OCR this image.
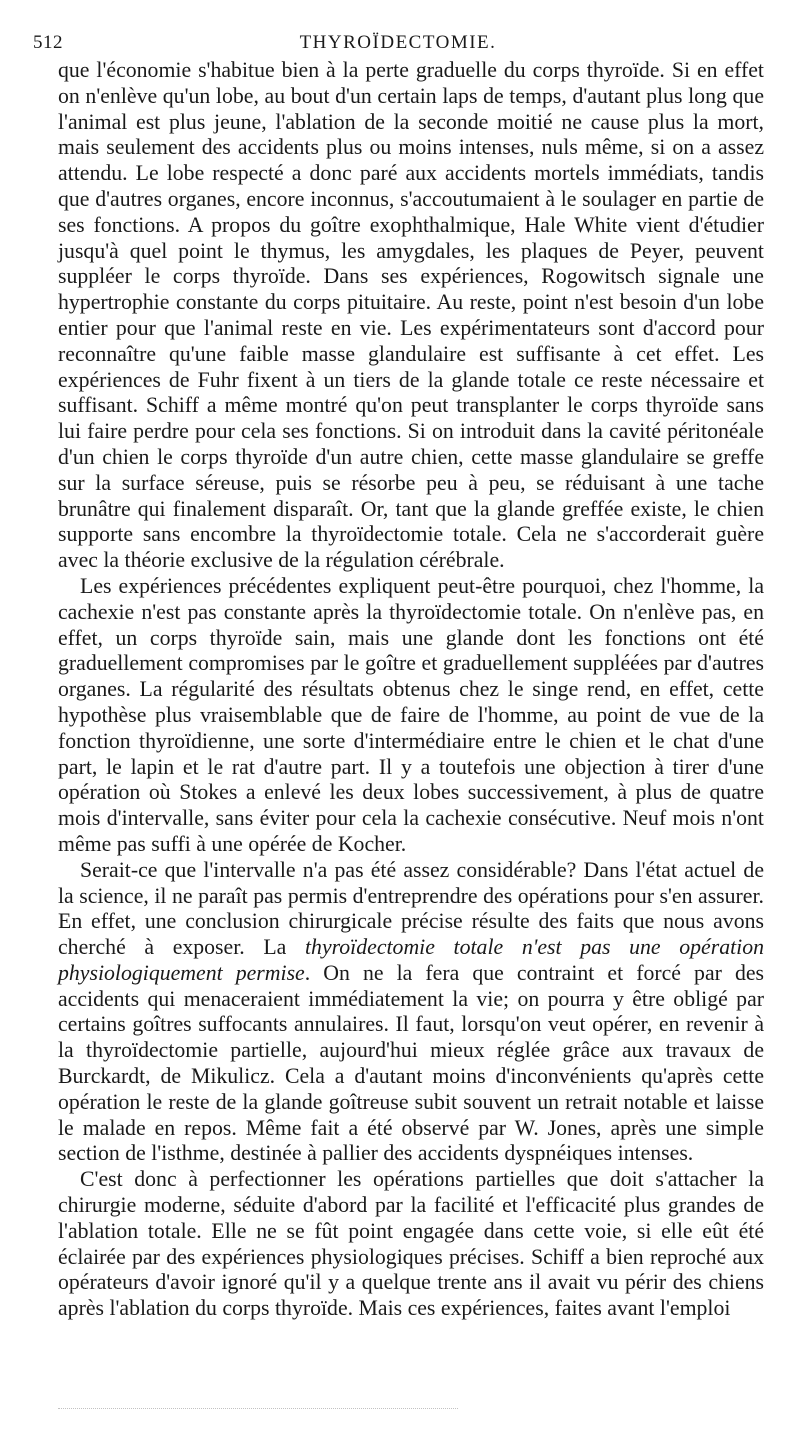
512	THYROÏDECTOMIE.

que l'économie s'habitue bien à la perte graduelle du corps thyroïde. Si en effet on n'enlève qu'un lobe, au bout d'un certain laps de temps, d'autant plus long que l'animal est plus jeune, l'ablation de la seconde moitié ne cause plus la mort, mais seulement des accidents plus ou moins intenses, nuls même, si on a assez attendu. Le lobe respecté a donc paré aux accidents mortels immédiats, tandis que d'autres organes, encore inconnus, s'accoutumaient à le soulager en partie de ses fonctions. A propos du goître exophthalmique, Hale White vient d'étudier jusqu'à quel point le thymus, les amygdales, les plaques de Peyer, peuvent suppléer le corps thyroïde. Dans ses expériences, Rogowitsch signale une hypertrophie constante du corps pituitaire. Au reste, point n'est besoin d'un lobe entier pour que l'animal reste en vie. Les expérimentateurs sont d'accord pour reconnaître qu'une faible masse glandulaire est suffisante à cet effet. Les expériences de Fuhr fixent à un tiers de la glande totale ce reste nécessaire et suffisant. Schiff a même montré qu'on peut transplanter le corps thyroïde sans lui faire perdre pour cela ses fonctions. Si on introduit dans la cavité péritonéale d'un chien le corps thyroïde d'un autre chien, cette masse glandulaire se greffe sur la surface séreuse, puis se résorbe peu à peu, se réduisant à une tache brunâtre qui finalement disparaît. Or, tant que la glande greffée existe, le chien supporte sans encombre la thyroïdectomie totale. Cela ne s'accorderait guère avec la théorie exclusive de la régulation cérébrale.

Les expériences précédentes expliquent peut-être pourquoi, chez l'homme, la cachexie n'est pas constante après la thyroïdectomie totale. On n'enlève pas, en effet, un corps thyroïde sain, mais une glande dont les fonctions ont été graduellement compromises par le goître et graduellement suppléées par d'autres organes. La régularité des résultats obtenus chez le singe rend, en effet, cette hypothèse plus vraisemblable que de faire de l'homme, au point de vue de la fonction thyroïdienne, une sorte d'intermédiaire entre le chien et le chat d'une part, le lapin et le rat d'autre part. Il y a toutefois une objection à tirer d'une opération où Stokes a enlevé les deux lobes successivement, à plus de quatre mois d'intervalle, sans éviter pour cela la cachexie consécutive. Neuf mois n'ont même pas suffi à une opérée de Kocher.

Serait-ce que l'intervalle n'a pas été assez considérable? Dans l'état actuel de la science, il ne paraît pas permis d'entreprendre des opérations pour s'en assurer. En effet, une conclusion chirurgicale précise résulte des faits que nous avons cherché à exposer. La thyroïdectomie totale n'est pas une opération physiologiquement permise. On ne la fera que contraint et forcé par des accidents qui menaceraient immédiatement la vie; on pourra y être obligé par certains goîtres suffocants annulaires. Il faut, lorsqu'on veut opérer, en revenir à la thyroïdectomie partielle, aujourd'hui mieux réglée grâce aux travaux de Burckardt, de Mikulicz. Cela a d'autant moins d'inconvénients qu'après cette opération le reste de la glande goîtreuse subit souvent un retrait notable et laisse le malade en repos. Même fait a été observé par W. Jones, après une simple section de l'isthme, destinée à pallier des accidents dyspnéiques intenses.

C'est donc à perfectionner les opérations partielles que doit s'attacher la chirurgie moderne, séduite d'abord par la facilité et l'efficacité plus grandes de l'ablation totale. Elle ne se fût point engagée dans cette voie, si elle eût été éclairée par des expériences physiologiques précises. Schiff a bien reproché aux opérateurs d'avoir ignoré qu'il y a quelque trente ans il avait vu périr des chiens après l'ablation du corps thyroïde. Mais ces expériences, faites avant l'emploi
